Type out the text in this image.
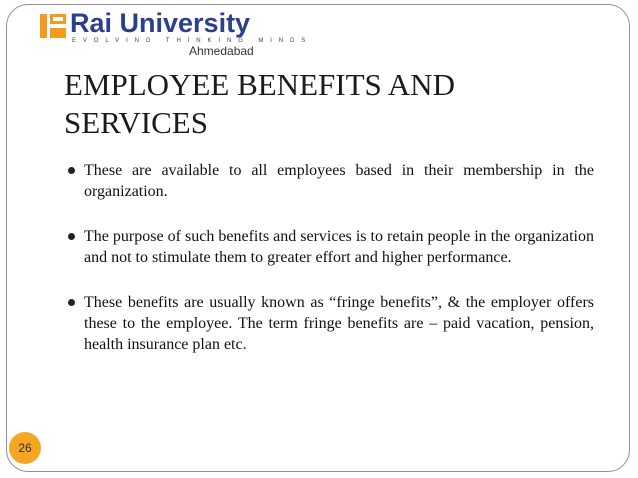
Rai University
EVOLVING THINKING MINDS
Ahmedabad
EMPLOYEE BENEFITS AND SERVICES
These are available to all employees based in their membership in the organization.
The purpose of such benefits and services is to retain people in the organization and not to stimulate them to greater effort and higher performance.
These benefits are usually known as “fringe benefits”, & the employer offers these to the employee. The term fringe benefits are – paid vacation, pension, health insurance plan etc.
26
